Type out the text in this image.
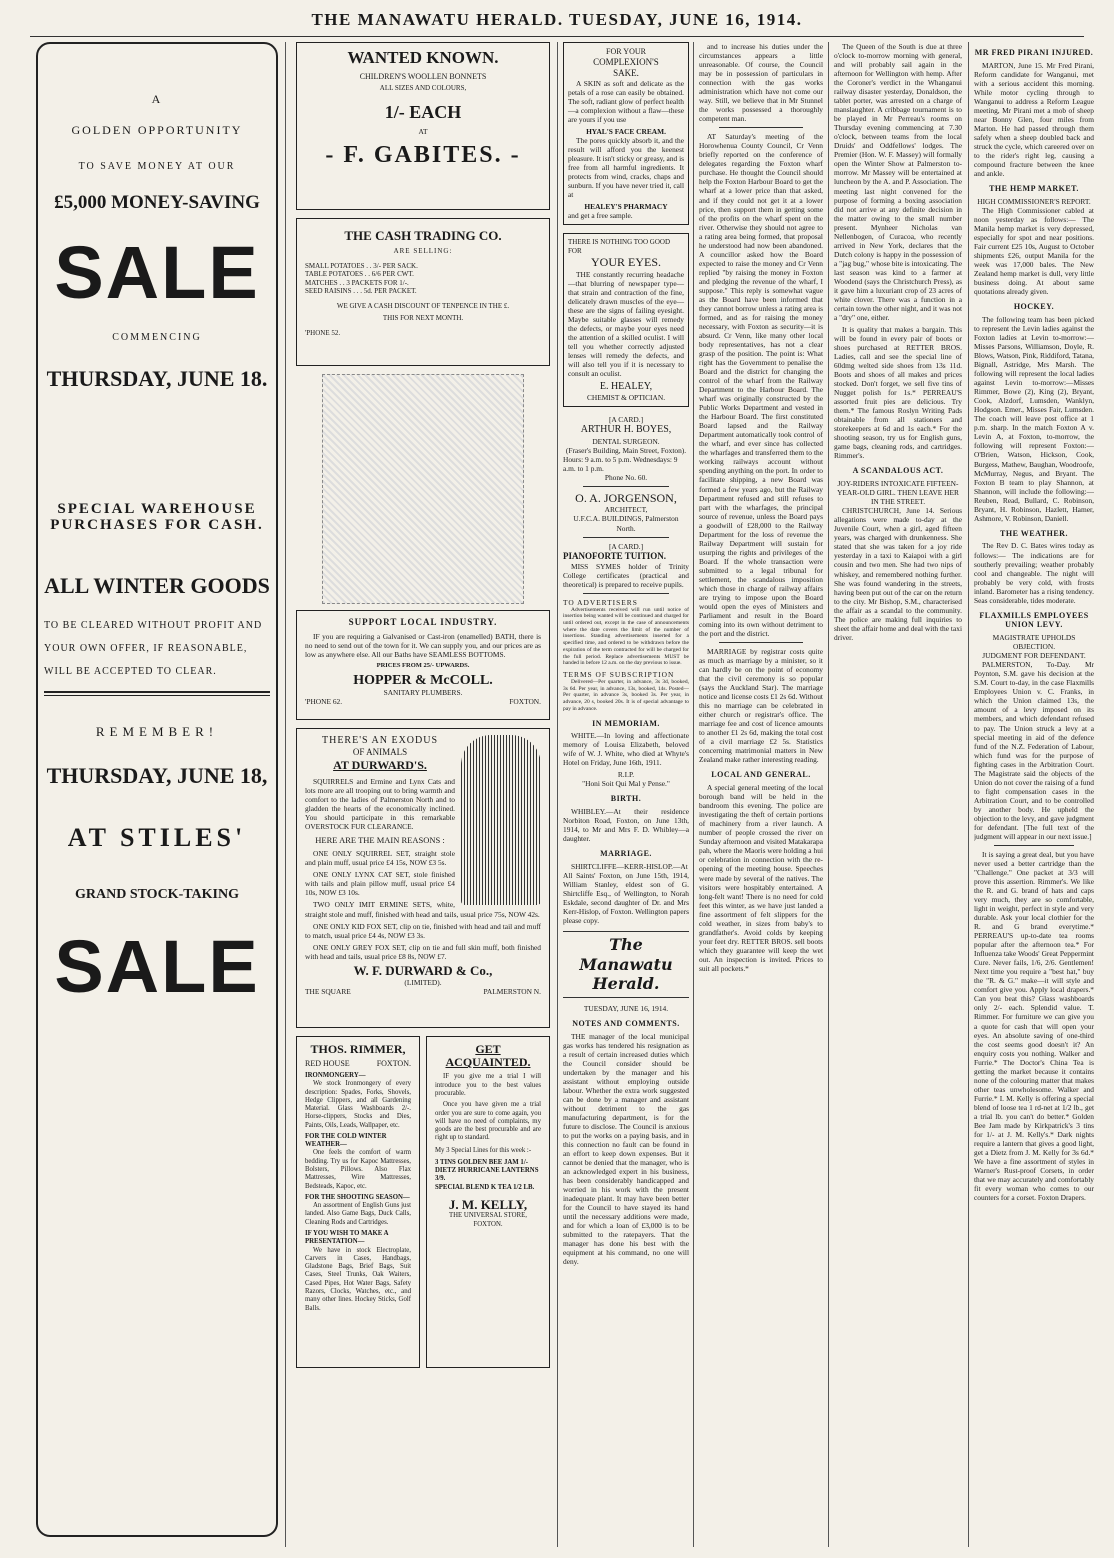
THE MANAWATU HERALD. TUESDAY, JUNE 16, 1914.
A
GOLDEN OPPORTUNITY
TO SAVE MONEY AT OUR
£5,000 MONEY-SAVING
SALE
COMMENCING
THURSDAY, JUNE 18.
SPECIAL WAREHOUSE PURCHASES FOR CASH.
ALL WINTER GOODS
TO BE CLEARED WITHOUT PROFIT AND YOUR OWN OFFER, IF REASONABLE, WILL BE ACCEPTED TO CLEAR.
REMEMBER!
THURSDAY, JUNE 18,
AT STILES'
GRAND STOCK-TAKING
SALE
WANTED KNOWN.
CHILDREN'S WOOLLEN BONNETS
ALL SIZES AND COLOURS,
1/- EACH
AT
- F. GABITES. -
THE CASH TRADING CO.
ARE SELLING:
SMALL POTATOES . . 3/- PER SACK.
TABLE POTATOES . . 6/6 PER CWT.
MATCHES . . 3 PACKETS FOR 1/-.
SEED RAISINS . . . 5d. PER PACKET.
WE GIVE A CASH DISCOUNT OF TENPENCE IN THE £.
THIS FOR NEXT MONTH.
'PHONE 52.
SUPPORT LOCAL INDUSTRY.

IF you are requiring a Galvanised or Cast-iron (enamelled) BATH, there is no need to send out of the town for it. We can supply you, and our prices are as low as anywhere else. All our Baths have SEAMLESS BOTTOMS.

PRICES FROM 25/- UPWARDS.
HOPPER & McCOLL.
SANITARY PLUMBERS.
'PHONE 62.	FOXTON.
THERE'S AN EXODUS
OF ANIMALS
AT DURWARD'S.

SQUIRRELS and Ermine and Lynx Cats and lots more are all trooping out to bring warmth and comfort to the ladies of Palmerston North and to gladden the hearts of the economically inclined. You should participate in this remarkable OVERSTOCK FUR CLEARANCE.

HERE ARE THE MAIN REASONS :

ONE ONLY SQUIRREL SET, straight stole and plain muff, usual price £4 15s, NOW £3 5s.

ONE ONLY LYNX CAT SET, stole finished with tails and plain pillow muff, usual price £4 10s, NOW £3 10s.

TWO ONLY IMIT ERMINE SETS, white, straight stole and muff, finished with head and tails, usual price 75s, NOW 42s.

ONE ONLY KID FOX SET, clip on tie, finished with head and tail and muff to match, usual price £4 4s, NOW £3 3s.

ONE ONLY GREY FOX SET, clip on tie and full skin muff, both finished with head and tails, usual price £8 8s, NOW £7.

W. F. DURWARD & Co.,
(LIMITED).
THE SQUARE	PALMERSTON N.
THOS. RIMMER,
RED HOUSE	FOXTON.
IRONMONGERY—

We stock Ironmongery of every description: Spades, Forks, Shovels, Hedge Clippers, and all Gardening Material. Glass Washboards 2/-. Horse-clippers, Stocks and Dies, Paints, Oils, Leads, Wallpaper, etc.

FOR THE COLD WINTER WEATHER—

One feels the comfort of warm bedding. Try us for Kapoc Mattresses, Bolsters, Pillows. Also Flax Mattresses, Wire Mattresses, Bedsteads, Kapoc, etc.

FOR THE SHOOTING SEASON—

An assortment of English Guns just landed. Also Game Bags, Duck Calls, Cleaning Rods and Cartridges.

IF YOU WISH TO MAKE A PRESENTATION—

We have in stock Electroplate, Carvers in Cases, Handbags, Gladstone Bags, Brief Bags, Suit Cases, Steel Trunks, Oak Waiters, Cased Pipes, Hot Water Bags, Safety Razors, Clocks, Watches, etc., and many other lines. Hockey Sticks, Golf Balls.

GET ACQUAINTED.

IF you give me a trial I will introduce you to the best values procurable.

Once you have given me a trial order you are sure to come again, you will have no need of complaints, my goods are the best procurable and are right up to standard.

My 3 Special Lines for this week :-
3 TINS GOLDEN BEE JAM 1/-
DIETZ HURRICANE LANTERNS 3/9.
SPECIAL BLEND K TEA 1/2 LB.
J. M. KELLY,
THE UNIVERSAL STORE,
FOXTON.
FOR YOUR
COMPLEXION'S
SAKE.

A SKIN as soft and delicate as the petals of a rose can easily be obtained. The soft, radiant glow of perfect health—a complexion without a flaw—these are yours if you use

HYAL'S FACE CREAM.

The pores quickly absorb it, and the result will afford you the keenest pleasure. It isn't sticky or greasy, and is free from all harmful ingredients. It protects from wind, cracks, chaps and sunburn. If you have never tried it, call at

HEALEY'S PHARMACY
and get a free sample.
THERE IS NOTHING TOO GOOD FOR
YOUR EYES.

THE constantly recurring headache—that blurring of newspaper type—that strain and contraction of the fine, delicately drawn muscles of the eye—these are the signs of failing eyesight. Maybe suitable glasses will remedy the defects, or maybe your eyes need the attention of a skilled oculist. I will tell you whether correctly adjusted lenses will remedy the defects, and will also tell you if it is necessary to consult an oculist.

E. HEALEY,
CHEMIST & OPTICIAN.
[A CARD.]
ARTHUR H. BOYES,
DENTAL SURGEON.
(Fraser's Building, Main Street, Foxton).
Hours: 9 a.m. to 5 p.m. Wednesdays: 9 a.m. to 1 p.m.
Phone No. 60.
O. A. JORGENSON,
ARCHITECT,
U.F.C.A. BUILDINGS, Palmerston North.
[A CARD.]
PIANOFORTE TUITION.

MISS SYMES holder of Trinity College certificates (practical and theoretical) is prepared to receive pupils.

TO ADVERTISERS

Advertisements received will run until notice of insertion being wanted will be continued and charged for until ordered out, except in the case of announcements where the date covers the limit of the number of insertions. Standing advertisements inserted for a specified time, and ordered to be withdrawn before the expiration of the term contracted for will be charged for the full period. Replace advertisements MUST be handed in before 12 a.m. on the day previous to issue.

TERMS OF SUBSCRIPTION

Delivered—Per quarter, in advance, 3s 3d, booked, 3s 6d. Per year, in advance, 13s, booked, 14s. Posted—Per quarter, in advance 3s, booked 3s. Per year, in advance, 20 s, booked 20s. It is of special advantage to pay in advance.

IN MEMORIAM.

WHITE.—In loving and affectionate memory of Louisa Elizabeth, beloved wife of W. J. White, who died at Whyte's Hotel on Friday, June 16th, 1911.

R.I.P.
"Honi Soit Qui Mal y Pense."
BIRTH.

WHIBLEY.—At their residence Norbiton Road, Foxton, on June 13th, 1914, to Mr and Mrs F. D. Whibley—a daughter.

MARRIAGE.

SHIRTCLIFFE—KERR-HISLOP.—At All Saints' Foxton, on June 15th, 1914, William Stanley, eldest son of G. Shirtcliffe Esq., of Wellington, to Norah Eskdale, second daughter of Dr. and Mrs Kerr-Hislop, of Foxton. Wellington papers please copy.

The Manawatu Herald.
TUESDAY, JUNE 16, 1914.
NOTES AND COMMENTS.

THE manager of the local municipal gas works has tendered his resignation as a result of certain increased duties which the Council consider should be undertaken by the manager and his assistant without employing outside labour. Whether the extra work suggested can be done by a manager and assistant without detriment to the gas manufacturing department, is for the future to disclose. The Council is anxious to put the works on a paying basis, and in this connection no fault can be found in an effort to keep down expenses. But it cannot be denied that the manager, who is an acknowledged expert in his business, has been considerably handicapped and worried in his work with the present inadequate plant. It may have been better for the Council to have stayed its hand until the necessary additions were made, and for which a loan of £3,000 is to be submitted to the ratepayers. That the manager has done his best with the equipment at his command, no one will deny.

and to increase his duties under the circumstances appears a little unreasonable. Of course, the Council may be in possession of particulars in connection with the gas works administration which have not come our way. Still, we believe that in Mr Stunnel the works possessed a thoroughly competent man.

AT Saturday's meeting of the Horowhenua County Council, Cr Venn briefly reported on the conference of delegates regarding the Foxton wharf purchase. He thought the Council should help the Foxton Harbour Board to get the wharf at a lower price than that asked, and if they could not get it at a lower price, then support them in getting some of the profits on the wharf spent on the river. Otherwise they should not agree to a rating area being formed, that proposal he understood had now been abandoned. A councillor asked how the Board expected to raise the money and Cr Venn replied "by raising the money in Foxton and pledging the revenue of the wharf, I suppose." This reply is somewhat vague as the Board have been informed that they cannot borrow unless a rating area is formed, and as for raising the money necessary, with Foxton as security—it is absurd. Cr Venn, like many other local body representatives, has not a clear grasp of the position. The point is: What right has the Government to penalise the Board and the district for changing the control of the wharf from the Railway Department to the Harbour Board. The wharf was originally constructed by the Public Works Department and vested in the Harbour Board. The first constituted Board lapsed and the Railway Department automatically took control of the wharf, and ever since has collected the wharfages and transferred them to the working railways account without spending anything on the port. In order to facilitate shipping, a new Board was formed a few years ago, but the Railway Department refused and still refuses to part with the wharfages, the principal source of revenue, unless the Board pays a goodwill of £28,000 to the Railway Department for the loss of revenue the Railway Department will sustain for usurping the rights and privileges of the Board. If the whole transaction were submitted to a legal tribunal for settlement, the scandalous imposition which those in charge of railway affairs are trying to impose upon the Board would open the eyes of Ministers and Parliament and result in the Board coming into its own without detriment to the port and the district.

MARRIAGE by registrar costs quite as much as marriage by a minister, so it can hardly be on the point of economy that the civil ceremony is so popular (says the Auckland Star). The marriage notice and license costs £1 2s 6d. Without this no marriage can be celebrated in either church or registrar's office. The marriage fee and cost of licence amounts to another £1 2s 6d, making the total cost of a civil marriage £2 5s. Statistics concerning matrimonial matters in New Zealand make rather interesting reading.

LOCAL AND GENERAL.

A special general meeting of the local borough band will be held in the bandroom this evening. The police are investigating the theft of certain portions of machinery from a river launch. A number of people crossed the river on Sunday afternoon and visited Matakarapa pah, where the Maoris were holding a hui or celebration in connection with the re-opening of the meeting house. Speeches were made by several of the natives. The visitors were hospitably entertained. A long-felt want! There is no need for cold feet this winter, as we have just landed a fine assortment of felt slippers for the cold weather, in sizes from baby's to grandfather's. Avoid colds by keeping your feet dry. RETTER BROS. sell boots which they guarantee will keep the wet out. An inspection is invited. Prices to suit all pockets.*

The Queen of the South is due at three o'clock to-morrow morning with general, and will probably sail again in the afternoon for Wellington with hemp. After the Coroner's verdict in the Whanganui railway disaster yesterday, Donaldson, the tablet porter, was arrested on a charge of manslaughter. A cribbage tournament is to be played in Mr Perreau's rooms on Thursday evening commencing at 7.30 o'clock, between teams from the local Druids' and Oddfellows' lodges. The Premier (Hon. W. F. Massey) will formally open the Winter Show at Palmerston to-morrow. Mr Massey will be entertained at luncheon by the A. and P. Association. The meeting last night convened for the purpose of forming a boxing association did not arrive at any definite decision in the matter owing to the small number present. Mynheer Nicholas van Nellenbogen, of Curacoa, who recently arrived in New York, declares that the Dutch colony is happy in the possession of a "jag bug," whose bite is intoxicating. The last season was kind to a farmer at Woodend (says the Christchurch Press), as it gave him a luxuriant crop of 23 acres of white clover. There was a function in a certain town the other night, and it was not a "dry" one, either.

It is quality that makes a bargain. This will be found in every pair of boots or shoes purchased at RETTER BROS. Ladies, call and see the special line of 60dmg welted side shoes from 13s 11d. Boots and shoes of all makes and prices stocked. Don't forget, we sell five tins of Nugget polish for 1s.* PERREAU'S assorted fruit pies are delicious. Try them.* The famous Roslyn Writing Pads obtainable from all stationers and storekeepers at 6d and 1s each.* For the shooting season, try us for English guns, game bags, cleaning rods, and cartridges. Rimmer's.

A SCANDALOUS ACT.
JOY-RIDERS INTOXICATE FIFTEEN-YEAR-OLD GIRL. THEN LEAVE HER IN THE STREET.

CHRISTCHURCH, June 14. Serious allegations were made to-day at the Juvenile Court, when a girl, aged fifteen years, was charged with drunkenness. She stated that she was taken for a joy ride yesterday in a taxi to Kaiapoi with a girl cousin and two men. She had two nips of whiskey, and remembered nothing further. She was found wandering in the streets, having been put out of the car on the return to the city. Mr Bishop, S.M., characterised the affair as a scandal to the community. The police are making full inquiries to sheet the affair home and deal with the taxi driver.

MR FRED PIRANI INJURED.

MARTON, June 15. Mr Fred Pirani, Reform candidate for Wanganui, met with a serious accident this morning. While motor cycling through to Wanganui to address a Reform League meeting, Mr Pirani met a mob of sheep near Bonny Glen, four miles from Marton. He had passed through them safely when a sheep doubled back and struck the cycle, which careered over on to the rider's right leg, causing a compound fracture between the knee and ankle.

THE HEMP MARKET.
HIGH COMMISSIONER'S REPORT.

The High Commissioner cabled at noon yesterday as follows:— The Manila hemp market is very depressed, especially for spot and near positions. Fair current £25 10s, August to October shipments £26, output Manila for the week was 17,000 bales. The New Zealand hemp market is dull, very little business doing. At about same quotations already given.

HOCKEY.

The following team has been picked to represent the Levin ladies against the Foxton ladies at Levin to-morrow:— Misses Parsons, Williamson, Doyle, R. Blows, Watson, Pink, Riddiford, Tatana, Bignall, Astridge, Mrs Marsh. The following will represent the local ladies against Levin to-morrow:—Misses Rimmer, Bowe (2), King (2), Bryant, Cook, Alzdorf, Lumsden, Wanklyn, Hodgson. Emer., Misses Fair, Lumsden. The coach will leave post office at 1 p.m. sharp. In the match Foxton A v. Levin A, at Foxton, to-morrow, the following will represent Foxton:—O'Brien, Watson, Hickson, Cook, Burgess, Mathew, Baughan, Woodroofe, McMurray, Negus, and Bryant. The Foxton B team to play Shannon, at Shannon, will include the following:— Reuben, Read, Bullard, C. Robinson, Bryant, H. Robinson, Hazlett, Hamer, Ashmore, V. Robinson, Daniell.

THE WEATHER.

The Rev D. C. Bates wires today as follows:— The indications are for southerly prevailing; weather probably cool and changeable. The night will probably be very cold, with frosts inland. Barometer has a rising tendency. Seas considerable, tides moderate.

FLAXMILLS EMPLOYEES UNION LEVY.
MAGISTRATE UPHOLDS OBJECTION.
JUDGMENT FOR DEFENDANT.

PALMERSTON, To-Day. Mr Poynton, S.M. gave his decision at the S.M. Court to-day, in the case Flaxmills Employees Union v. C. Franks, in which the Union claimed 13s, the amount of a levy imposed on its members, and which defendant refused to pay. The Union struck a levy at a special meeting in aid of the defence fund of the N.Z. Federation of Labour, which fund was for the purpose of fighting cases in the Arbitration Court. The Magistrate said the objects of the Union do not cover the raising of a fund to fight compensation cases in the Arbitration Court, and to be controlled by another body. He upheld the objection to the levy, and gave judgment for defendant. [The full text of the judgment will appear in our next issue.]

It is saying a great deal, but you have never used a better cartridge than the "Challenge." One packet at 3/3 will prove this assertion. Rimmer's. We like the R. and G. brand of hats and caps very much, they are so comfortable, light in weight, perfect in style and very durable. Ask your local clothier for the R. and G brand everytime.* PERREAU'S up-to-date tea rooms popular after the afternoon tea.* For Influenza take Woods' Great Peppermint Cure. Never fails, 1/6, 2/6. Gentlemen! Next time you require a "best hat," buy the "R. & G." make—it will style and comfort give you. Apply local drapers.* Can you beat this? Glass washboards only 2/- each. Splendid value. T. Rimmer. For furniture we can give you a quote for cash that will open your eyes. An absolute saving of one-third the cost seems good doesn't it? An enquiry costs you nothing. Walker and Furrie.* The Doctor's China Tea is getting the market because it contains none of the colouring matter that makes other teas unwholesome. Walker and Furrie.* I. M. Kelly is offering a special blend of loose tea 1 rd-net at 1/2 lb., get a trial lb. you can't do better.* Golden Bee Jam made by Kirkpatrick's 3 tins for 1/- at J. M. Kelly's.* Dark nights require a lantern that gives a good light, get a Dietz from J. M. Kelly for 3s 6d.* We have a fine assortment of styles in Warner's Rust-proof Corsets, in order that we may accurately and comfortably fit every woman who comes to our counters for a corset. Foxton Drapers.
